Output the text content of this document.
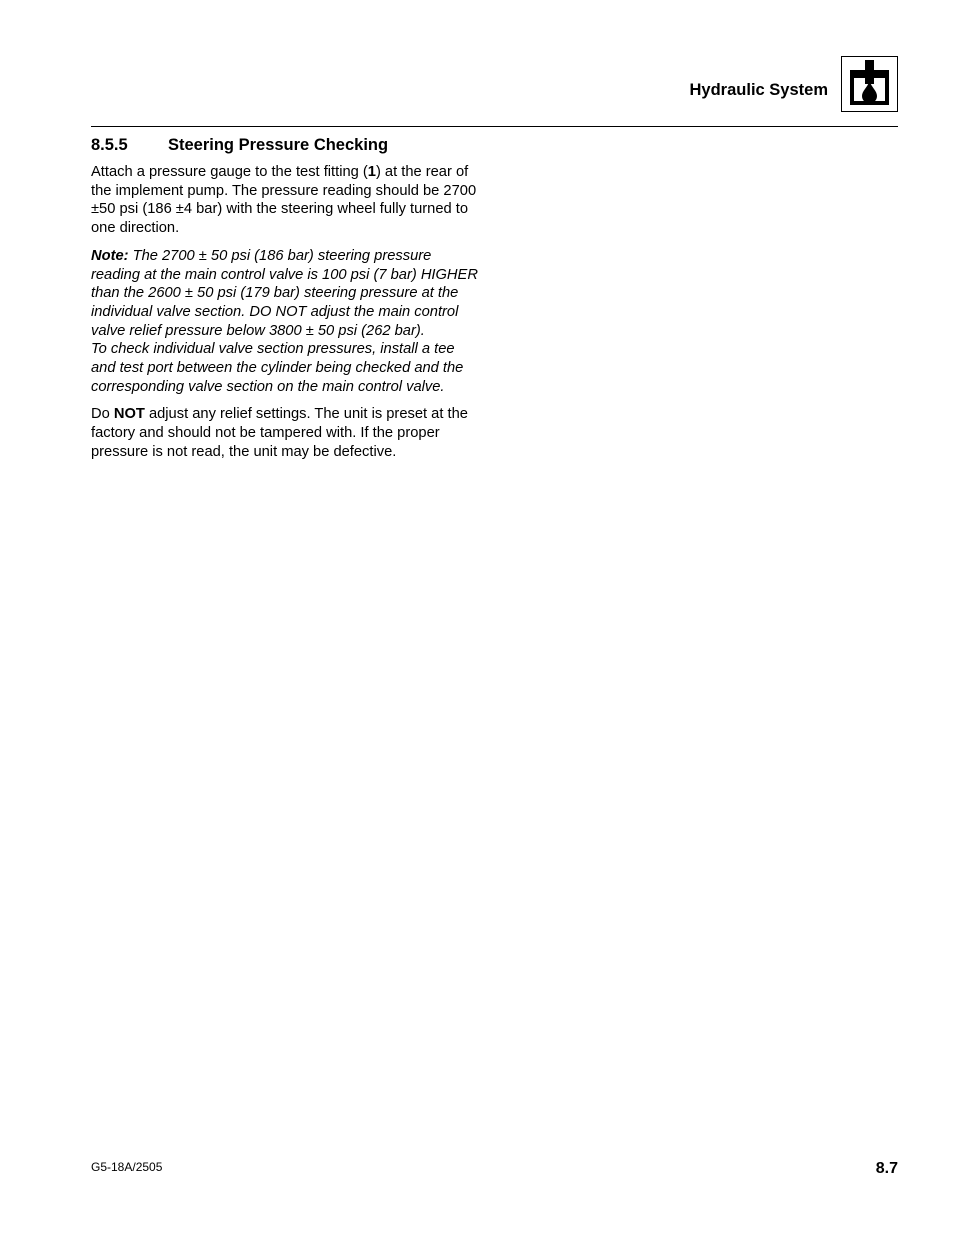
Hydraulic System
8.5.5 Steering Pressure Checking

Attach a pressure gauge to the test fitting (1) at the rear of the implement pump. The pressure reading should be 2700 ±50 psi (186 ±4 bar) with the steering wheel fully turned to one direction.

Note: The 2700 ± 50 psi (186 bar) steering pressure reading at the main control valve is 100 psi (7 bar) HIGHER than the 2600 ± 50 psi (179 bar) steering pressure at the individual valve section. DO NOT adjust the main control valve relief pressure below 3800 ± 50 psi (262 bar).
To check individual valve section pressures, install a tee and test port between the cylinder being checked and the corresponding valve section on the main control valve.

Do NOT adjust any relief settings. The unit is preset at the factory and should not be tampered with. If the proper pressure is not read, the unit may be defective.

G5-18A/2505	8.7
